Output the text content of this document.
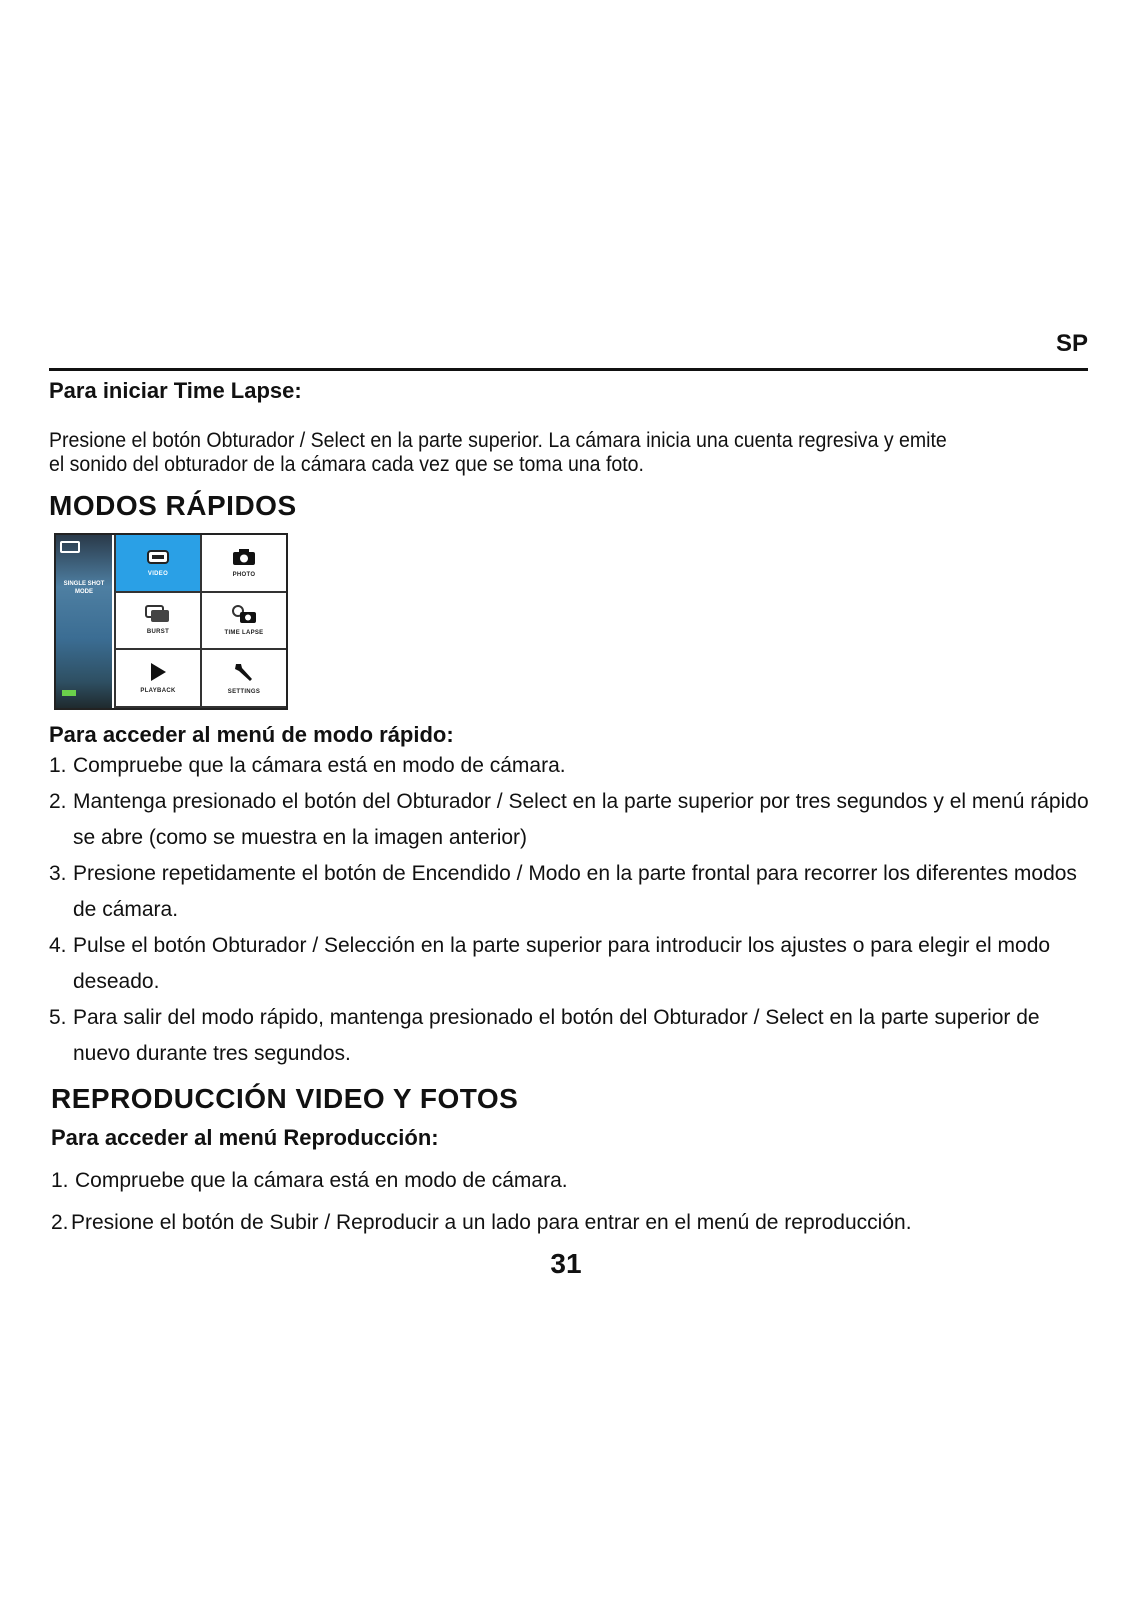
SP
Para iniciar Time Lapse:
Presione el botón Obturador / Select en la parte superior. La cámara inicia una cuenta regresiva y emite
el sonido del obturador de la cámara cada vez que se toma una foto.
MODOS RÁPIDOS
SINGLE SHOT MODE
VIDEO	PHOTO
BURST	TIME LAPSE
PLAYBACK	SETTINGS
Para acceder al menú de modo rápido:
1. Compruebe que la cámara está en modo de cámara.
2. Mantenga presionado el botón del Obturador / Select en la parte superior por tres segundos y el menú rápido se abre (como se muestra en la imagen anterior)
3. Presione repetidamente el botón de Encendido / Modo en la parte frontal para recorrer los diferentes modos de cámara.
4. Pulse el botón Obturador / Selección en la parte superior para introducir los ajustes o para elegir el modo deseado.
5. Para salir del modo rápido, mantenga presionado el botón del Obturador / Select en la parte superior de nuevo durante tres segundos.
REPRODUCCIÓN VIDEO Y FOTOS
Para acceder al menú Reproducción:
1. Compruebe que la cámara está en modo de cámara.
2. Presione el botón de Subir / Reproducir a un lado para entrar en el menú de reproducción.
31
